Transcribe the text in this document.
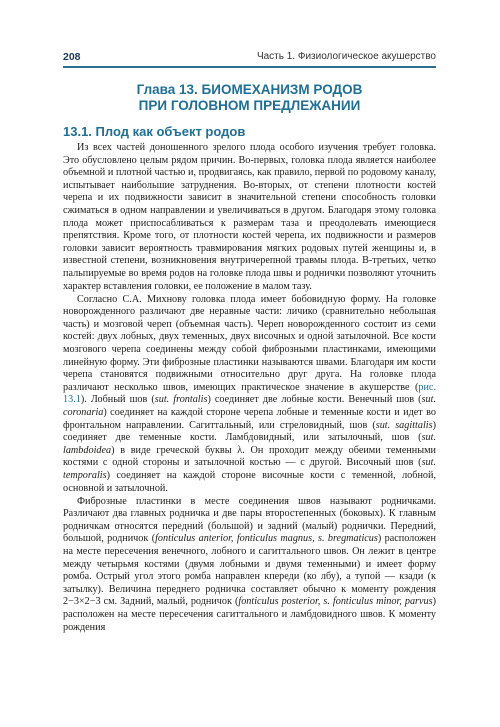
208	Часть 1. Физиологическое акушерство
Глава 13. БИОМЕХАНИЗМ РОДОВ
ПРИ ГОЛОВНОМ ПРЕДЛЕЖАНИИ
13.1. Плод как объект родов

Из всех частей доношенного зрелого плода особого изучения требует головка. Это обусловлено целым рядом причин. Во-первых, головка плода является наиболее объемной и плотной частью и, продвигаясь, как правило, первой по родовому каналу, испытывает наибольшие затруднения. Во-вторых, от степени плотности костей черепа и их подвижности зависит в значительной степени способность головки сжиматься в одном направлении и увеличиваться в другом. Благодаря этому головка плода может приспосабливаться к размерам таза и преодолевать имеющиеся препятствия. Кроме того, от плотности костей черепа, их подвижности и размеров головки зависит вероятность травмирования мягких родовых путей женщины и, в известной степени, возникновения внутричерепной травмы плода. В-третьих, четко пальпируемые во время родов на головке плода швы и роднички позволяют уточнить характер вставления головки, ее положение в малом тазу.

Согласно С.А. Михнову головка плода имеет бобовидную форму. На головке новорожденного различают две неравные части: личико (сравнительно небольшая часть) и мозговой череп (объемная часть). Череп новорожденного состоит из семи костей: двух лобных, двух теменных, двух височных и одной затылочной. Все кости мозгового черепа соединены между собой фиброзными пластинками, имеющими линейную форму. Эти фиброзные пластинки называются швами. Благодаря им кости черепа становятся подвижными относительно друг друга. На головке плода различают несколько швов, имеющих практическое значение в акушерстве (рис. 13.1). Лобный шов (sut. frontalis) соединяет две лобные кости. Венечный шов (sut. coronaria) соединяет на каждой стороне черепа лобные и теменные кости и идет во фронтальном направлении. Сагиттальный, или стреловидный, шов (sut. sagittalis) соединяет две теменные кости. Ламбдовидный, или затылочный, шов (sut. lambdoidea) в виде греческой буквы λ. Он проходит между обеими теменными костями с одной стороны и затылочной костью — с другой. Височный шов (sut. temporalis) соединяет на каждой стороне височные кости с теменной, лобной, основной и затылочной.

Фиброзные пластинки в месте соединения швов называют родничками. Различают два главных родничка и две пары второстепенных (боковых). К главным родничкам относятся передний (большой) и задний (малый) роднички. Передний, большой, родничок (fonticulus anterior, fonticulus magnus, s. bregmaticus) расположен на месте пересечения венечного, лобного и сагиттального швов. Он лежит в центре между четырьмя костями (двумя лобными и двумя теменными) и имеет форму ромба. Острый угол этого ромба направлен кпереди (ко лбу), а тупой — кзади (к затылку). Величина переднего родничка составляет обычно к моменту рождения 2−3×2−3 см. Задний, малый, родничок (fonticulus posterior, s. fonticulus minor, parvus) расположен на месте пересечения сагиттального и ламбдовидного швов. К моменту рождения
